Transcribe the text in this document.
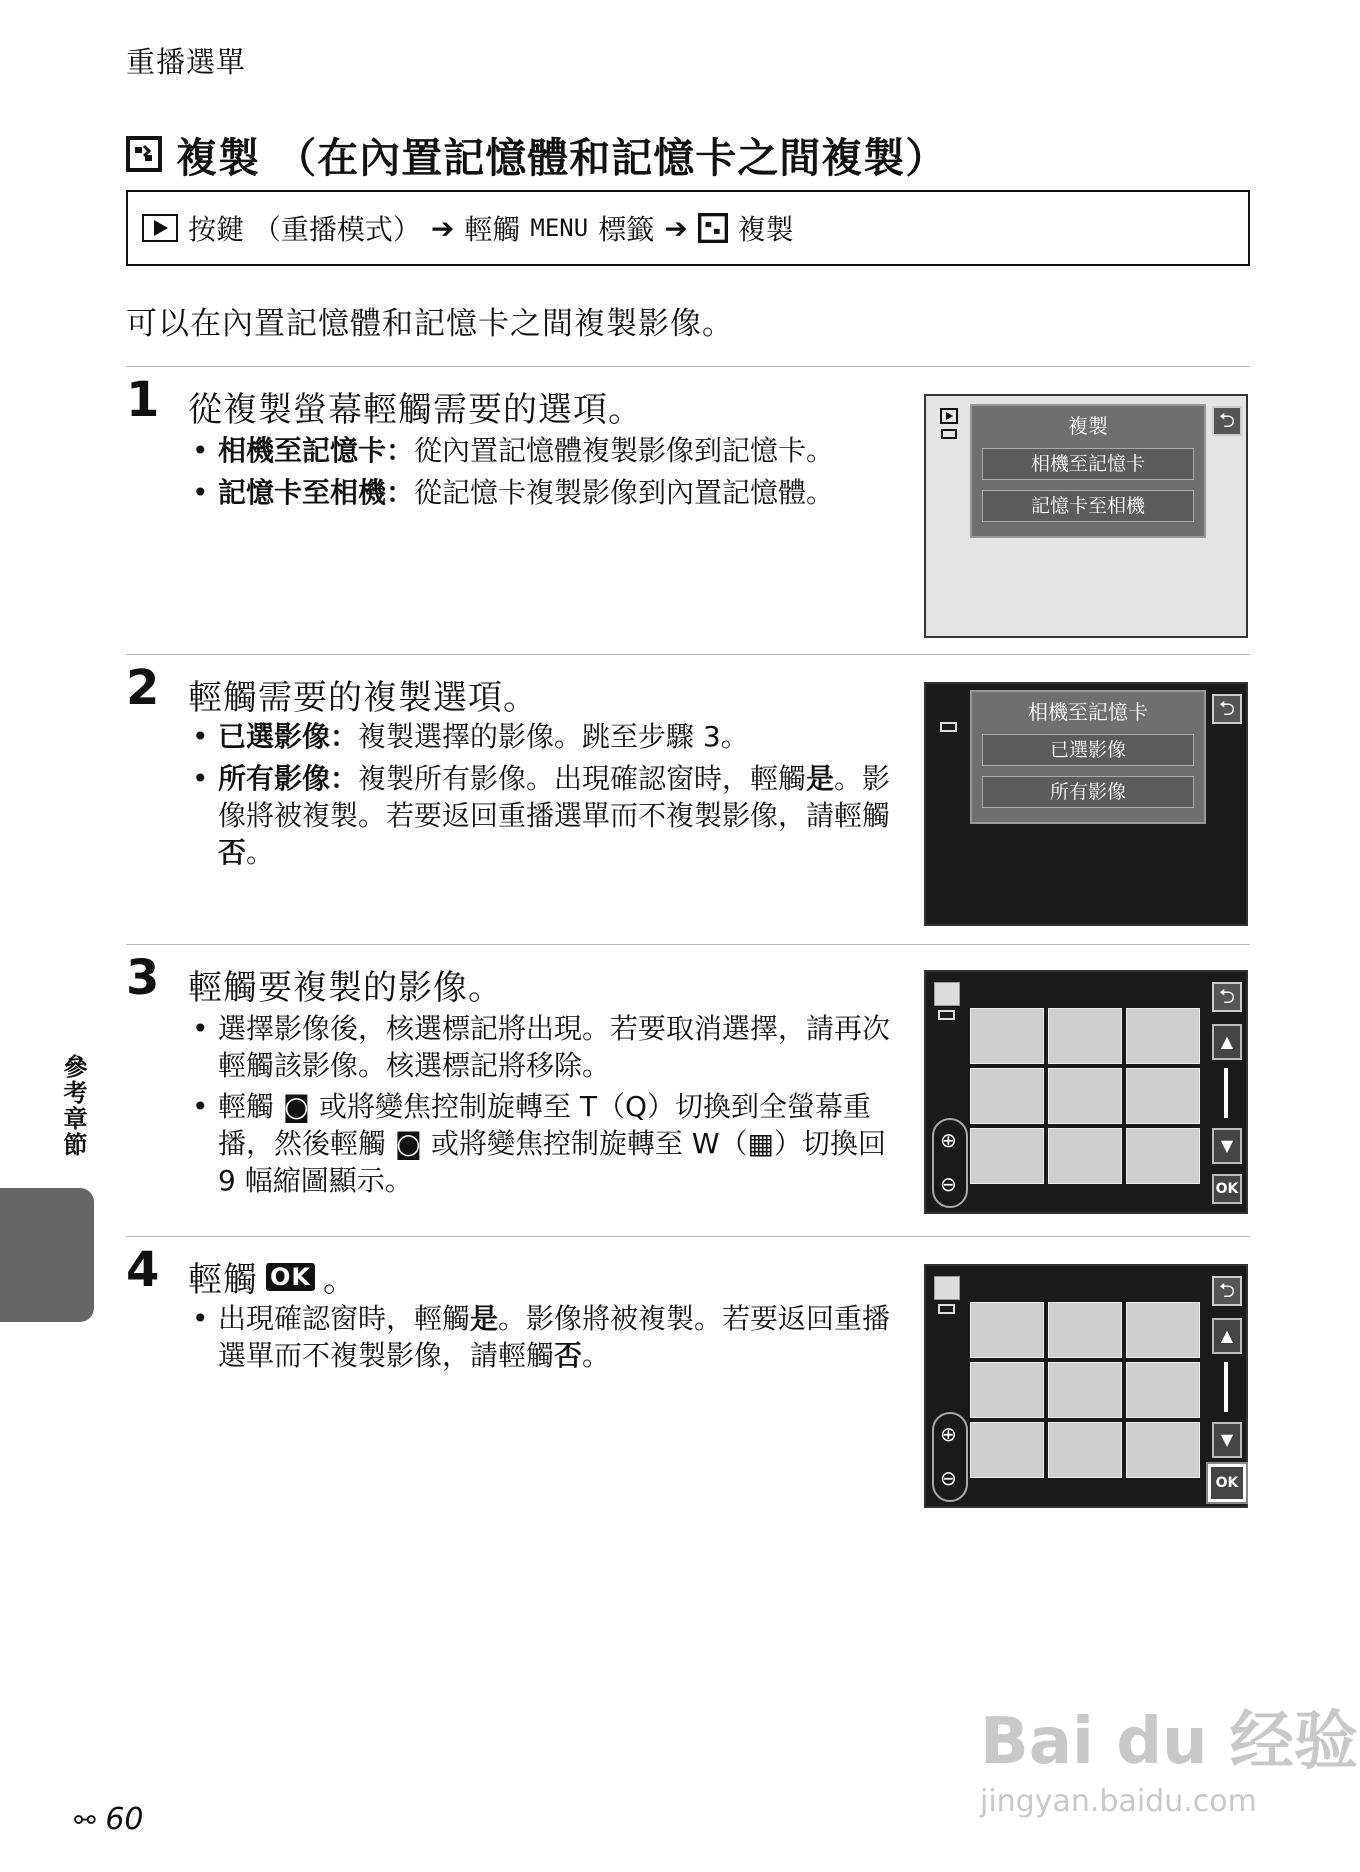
重播選單
複製 （在內置記憶體和記憶卡之間複製）
按鍵 （重播模式） ➔ 輕觸 MENU 標籤 ➔ 複製
可以在內置記憶體和記憶卡之間複製影像。
1 從複製螢幕輕觸需要的選項。
• 相機至記憶卡：從內置記憶體複製影像到記憶卡。
• 記憶卡至相機：從記憶卡複製影像到內置記憶體。
複製
相機至記憶卡
記憶卡至相機
⮌
2 輕觸需要的複製選項。
• 已選影像：複製選擇的影像。跳至步驟 3。
• 所有影像：複製所有影像。出現確認窗時，輕觸是。影像將被複製。若要返回重播選單而不複製影像，請輕觸否。
相機至記憶卡
已選影像
所有影像
⮌
3 輕觸要複製的影像。
• 選擇影像後，核選標記將出現。若要取消選擇，請再次輕觸該影像。核選標記將移除。
• 輕觸 ◙ 或將變焦控制旋轉至 T（Q）切換到全螢幕重播，然後輕觸 ◙ 或將變焦控制旋轉至 W（▦）切換回 9 幅縮圖顯示。
⊕
⊖
⮌
▲
▼
OK
4 輕觸 OK 。
• 出現確認窗時，輕觸是。影像將被複製。若要返回重播選單而不複製影像，請輕觸否。
⊕
⊖
⮌
▲
▼
OK
參考章節
⚯ 60
Bai du 经验
jingyan.baidu.com
